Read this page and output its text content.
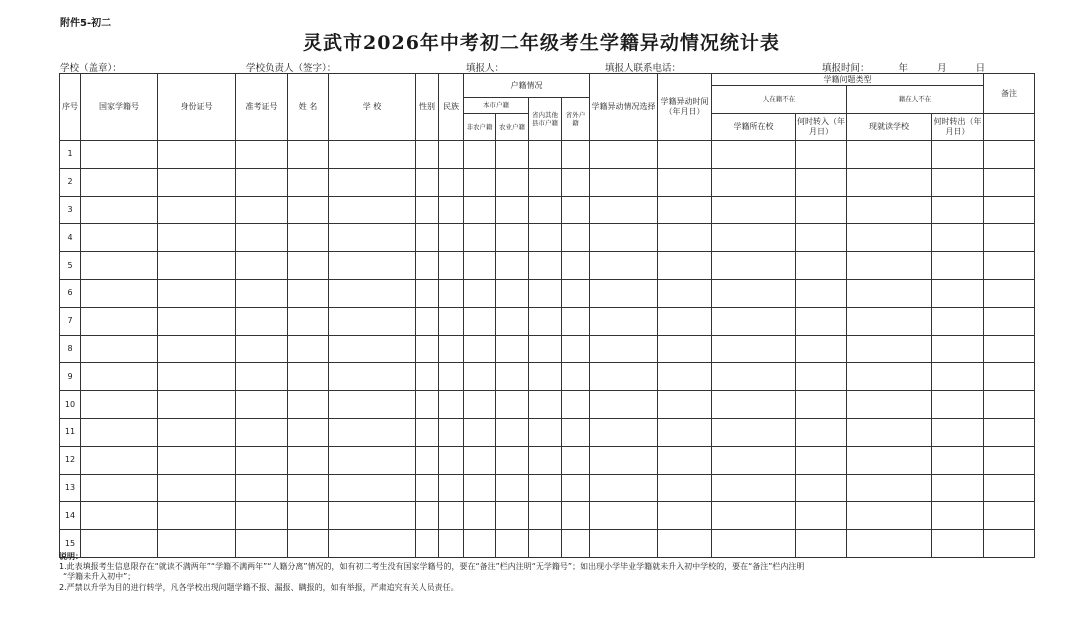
附件5-初二
灵武市2026年中考初二年级考生学籍异动情况统计表
学校（盖章）：	学校负责人（签字）：	填报人：	填报人联系电话：	填报时间：	年	月	日
序号	国家学籍号	身份证号	准考证号	姓 名	学 校	性别	民族	户籍情况				学籍异动情况选择	学籍异动时间（年月日）	学籍问题类型				备注
														人在籍不在		籍在人不在		
								本市户籍		省内其他县市户籍	省外户籍							
								非农户籍	农业户籍					学籍所在校	何时转入（年月日）	现就读学校	何时转出（年月日）	
1																		
2																		
3																		
4																		
5																		
6																		
7																		
8																		
9																		
10																		
11																		
12																		
13																		
14																		
15																		
说明：
1.此表填报考生信息限存在“就读不满两年”“学籍不满两年”“人籍分离”情况的，如有初二考生没有国家学籍号的，要在“备注”栏内注明“无学籍号”；如出现小学毕业学籍就未升入初中学校的，要在“备注”栏内注明
“学籍未升入初中”；
2.严禁以升学为目的进行转学，凡各学校出现问题学籍不报、漏报、瞒报的，如有举报，严肃追究有关人员责任。
